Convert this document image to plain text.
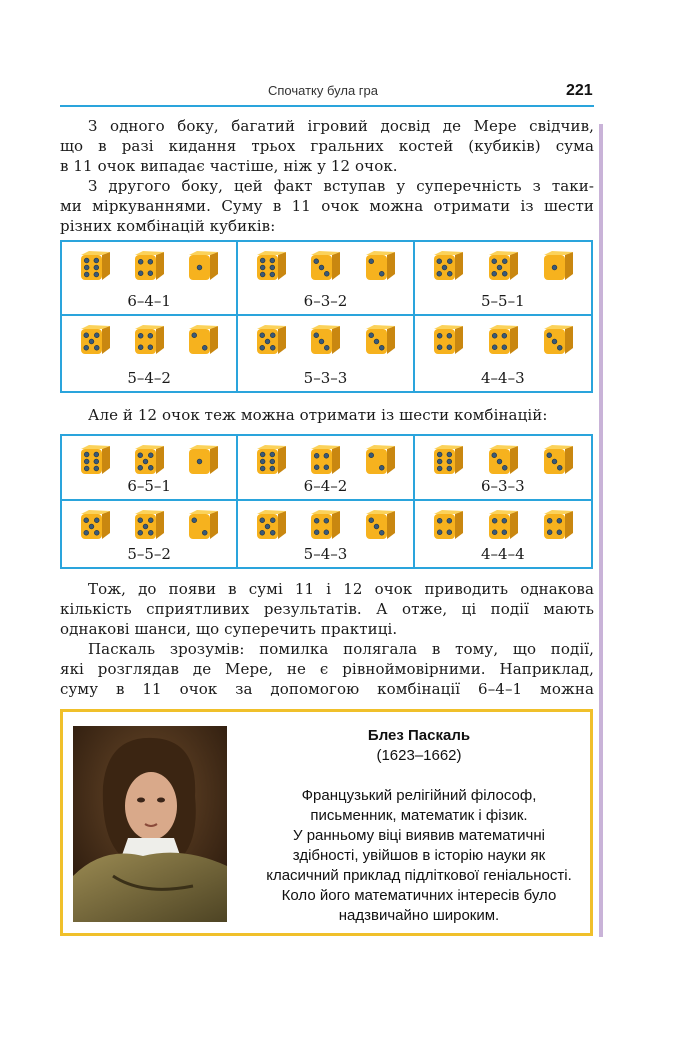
Спочатку була гра	221

З одного боку, багатий ігровий досвід де Мере свідчив,
що в разі кидання трьох гральних костей (кубиків) сума
в 11 очок випадає частіше, ніж у 12 очок.

З другого боку, цей факт вступав у суперечність з таки-
ми міркуваннями. Суму в 11 очок можна отримати із шести
різних комбінацій кубиків:

6–4–1	6–3–2	5–5–1
5–4–2	5–3–3	4–4–3

Але й 12 очок теж можна отримати із шести комбінацій:

6–5–1	6–4–2	6–3–3
5–5–2	5–4–3	4–4–4

Тож, до появи в сумі 11 і 12 очок приводить однакова
кількість сприятливих результатів. А отже, ці події мають
однакові шанси, що суперечить практиці.

Паскаль зрозумів: помилка полягала в тому, що події,
які розглядав де Мере, не є рівноймовірними. Наприклад,
суму в 11 очок за допомогою комбінації 6–4–1 можна

Блез Паскаль
(1623–1662)
Французький релігійний філософ,
письменник, математик і фізик.
У ранньому віці виявив математичні
здібності, увійшов в історію науки як
класичний приклад підліткової геніальності.
Коло його математичних інтересів було
надзвичайно широким.
